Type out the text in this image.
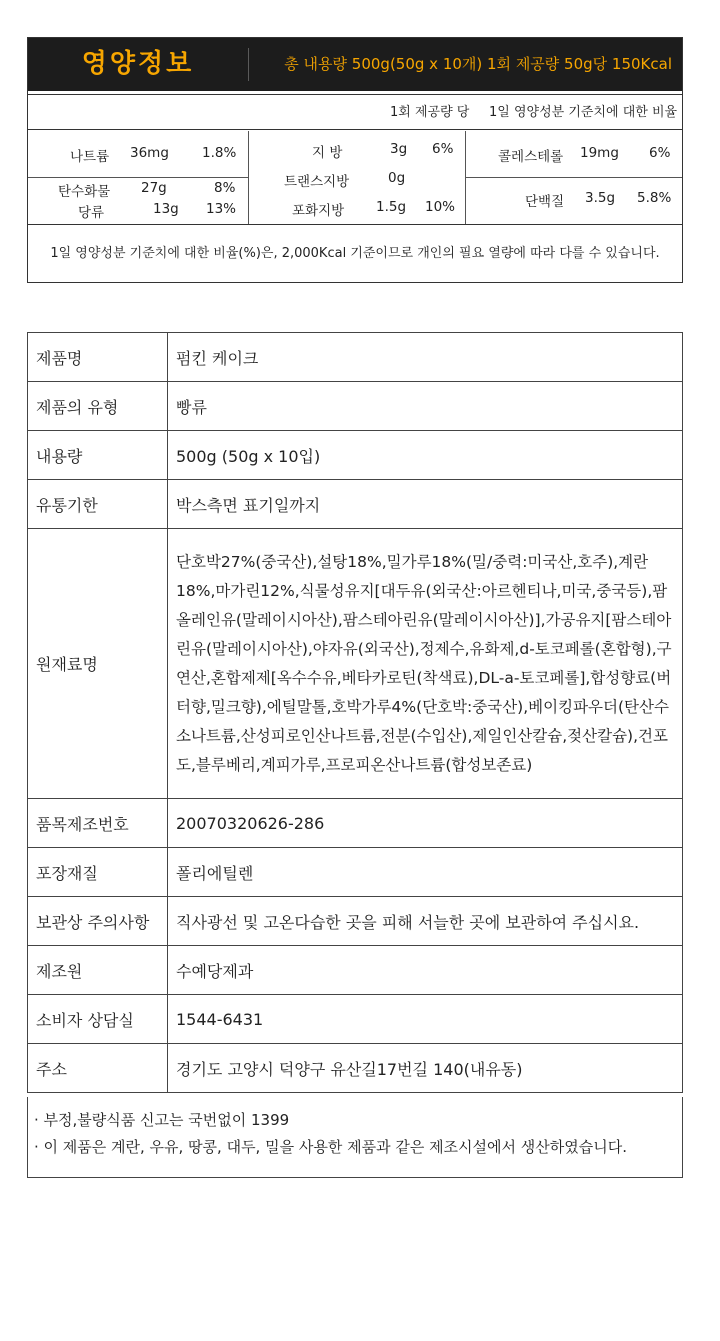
영양정보	총 내용량 500g(50g x 10개) 1회 제공량 50g당 150Kcal
1회 제공량 당 1일 영양성분 기준치에 대한 비율
나트륨 36mg 1.8%
탄수화물 27g	8%
당류	13g 13%
지 방	3g 6%
트랜스지방	0g
포화지방 1.5g 10%
콜레스테롤 19mg 6%
단백질 3.5g 5.8%
1일 영양성분 기준치에 대한 비율(%)은, 2,000Kcal 기준이므로 개인의 필요 열량에 따라 다를 수 있습니다.
제품명	펌킨 케이크
제품의 유형	빵류
내용량	500g (50g x 10입)
유통기한	박스측면 표기일까지
원재료명	단호박27%(중국산),설탕18%,밀가루18%(밀/중력:미국산,호주),계란18%,마가린12%,식물성유지[대두유(외국산:아르헨티나,미국,중국등),팜올레인유(말레이시아산),팜스테아린유(말레이시아산)],가공유지[팜스테아린유(말레이시아산),야자유(외국산),정제수,유화제,d-토코페롤(혼합형),구연산,혼합제제[옥수수유,베타카로틴(착색료),DL-a-토코페롤],합성향료(버터향,밀크향),에틸말톨,호박가루4%(단호박:중국산),베이킹파우더(탄산수소나트륨,산성피로인산나트륨,전분(수입산),제일인산칼슘,젖산칼슘),건포도,블루베리,계피가루,프로피온산나트륨(합성보존료)
품목제조번호	20070320626-286
포장재질	폴리에틸렌
보관상 주의사항	직사광선 및 고온다습한 곳을 피해 서늘한 곳에 보관하여 주십시요.
제조원	수예당제과
소비자 상담실	1544-6431
주소	경기도 고양시 덕양구 유산길17번길 140(내유동)
· 부정,불량식품 신고는 국번없이 1399
· 이 제품은 계란, 우유, 땅콩, 대두, 밀을 사용한 제품과 같은 제조시설에서 생산하였습니다.
